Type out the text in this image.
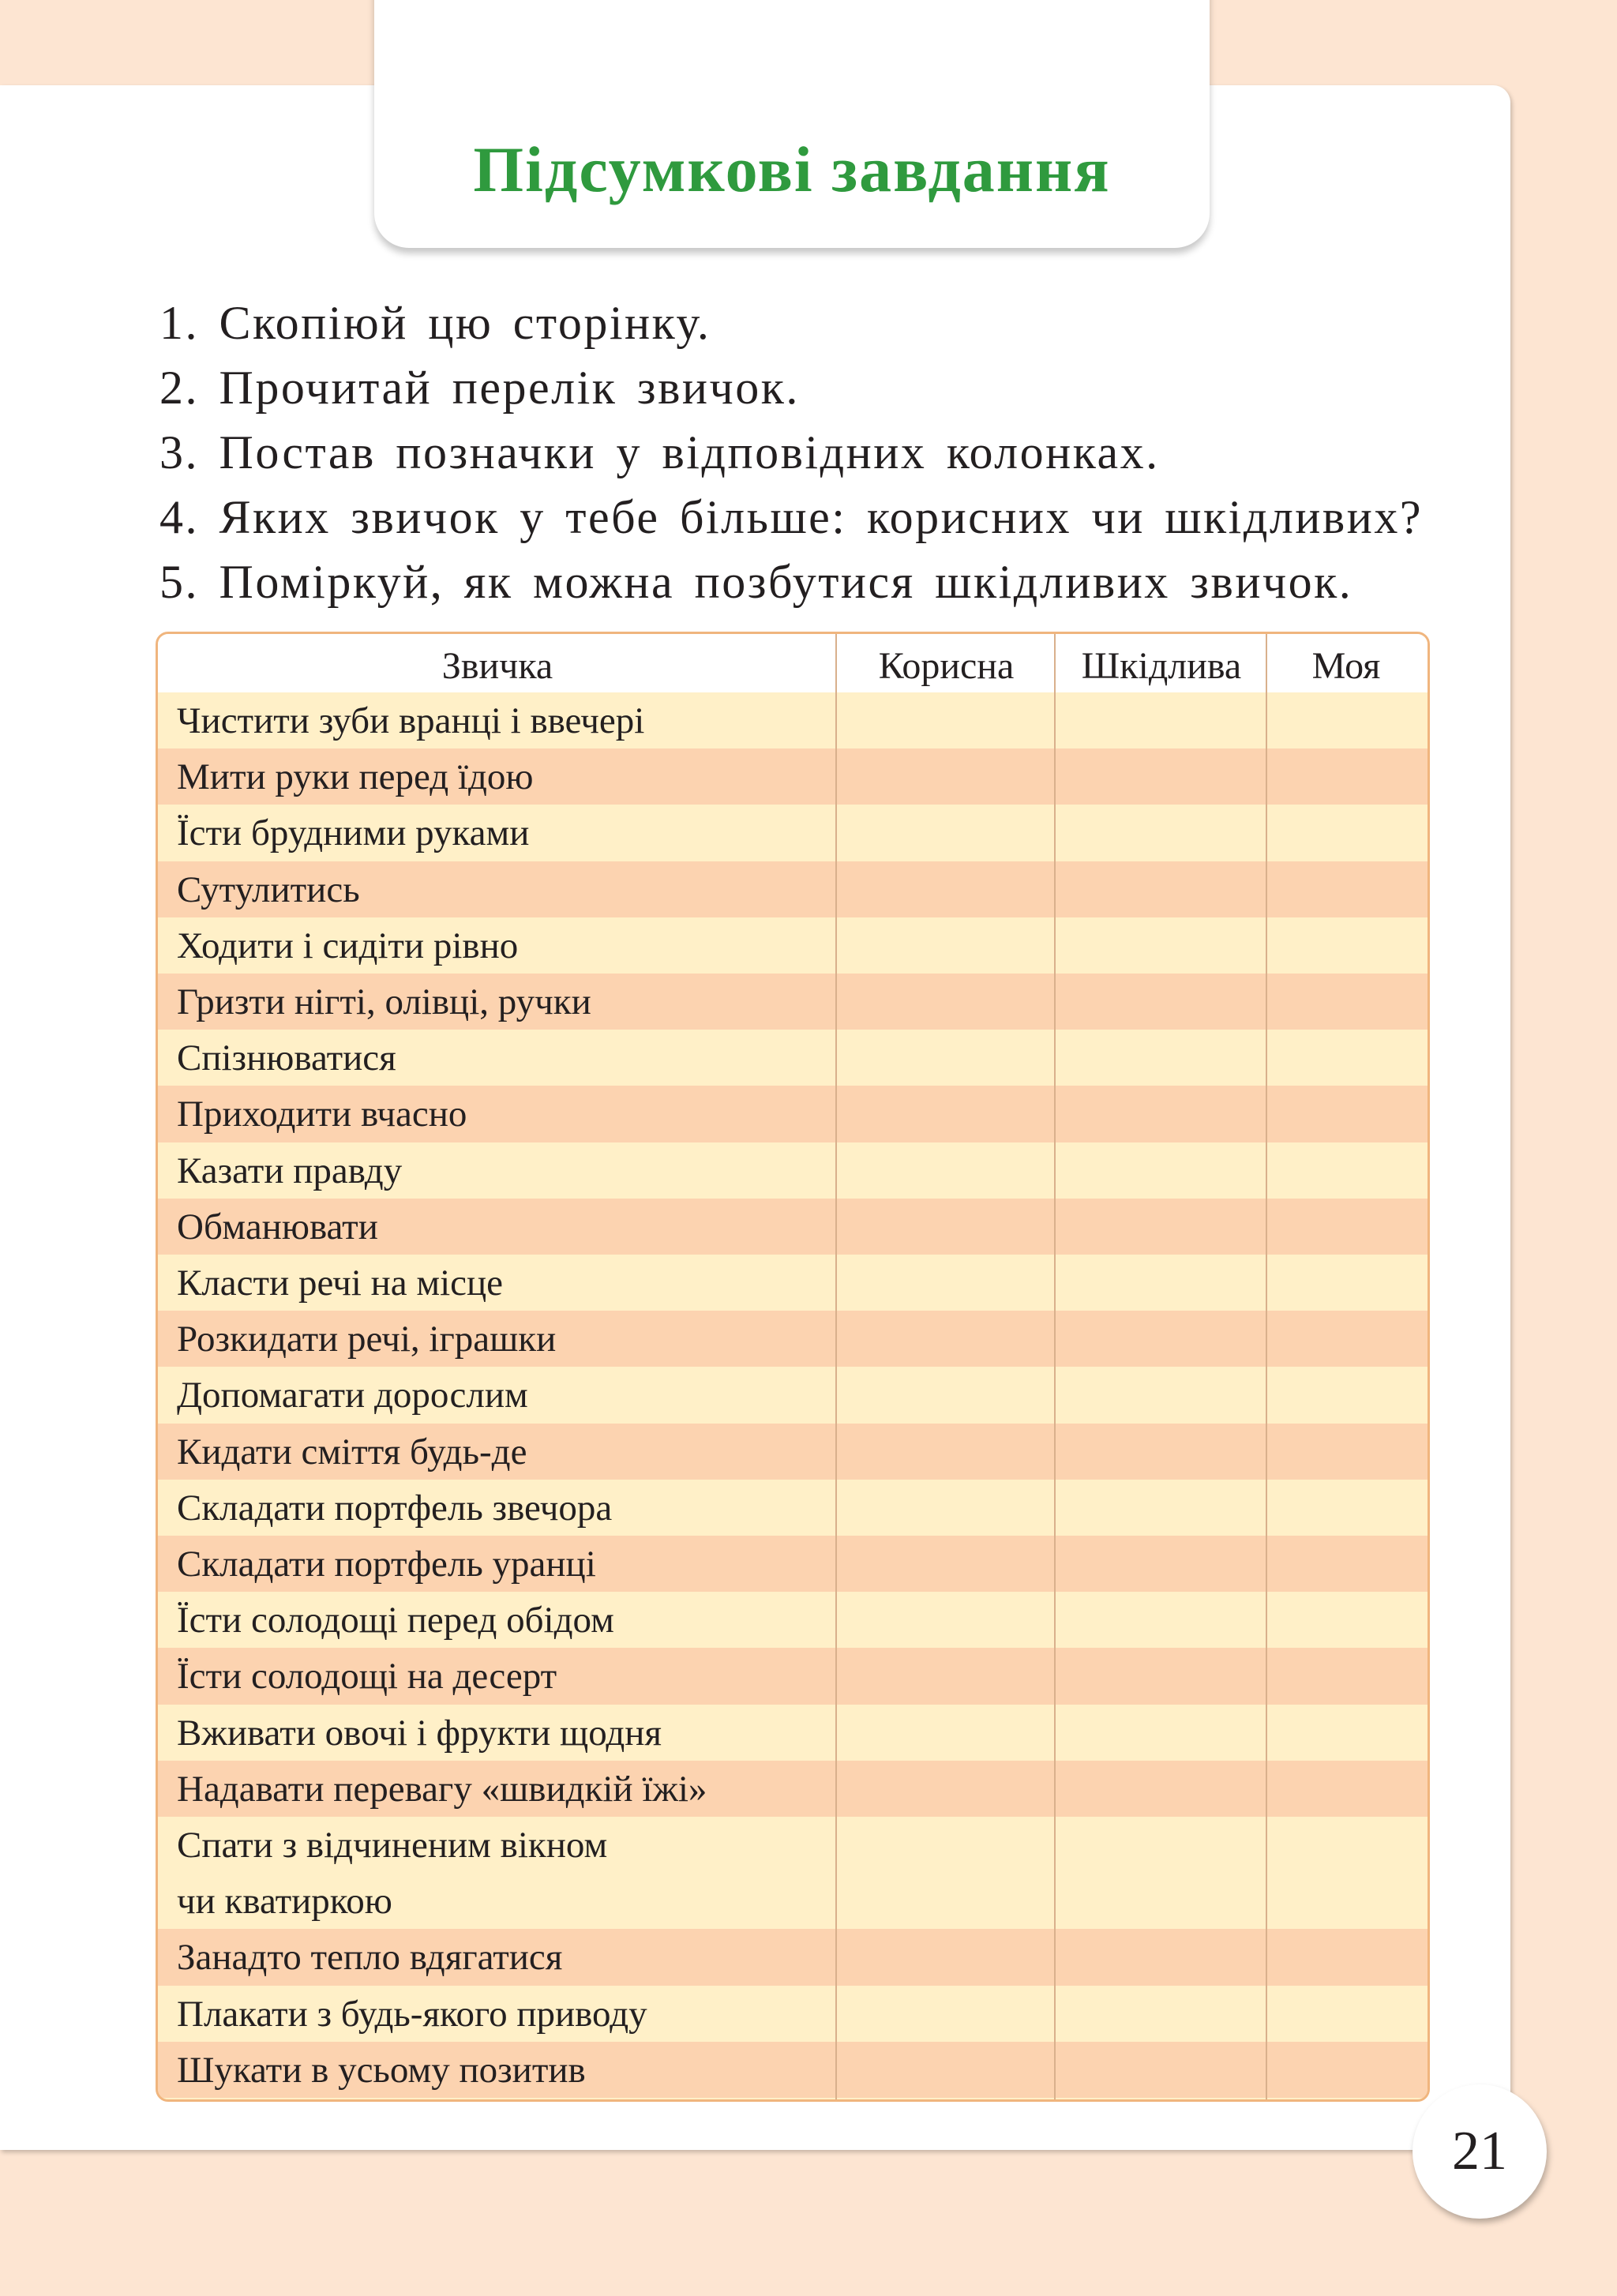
Підсумкові завдання
1. Скопіюй цю сторінку.
2. Прочитай перелік звичок.
3. Постав позначки у відповідних колонках.
4. Яких звичок у тебе більше: корисних чи шкідливих?
5. Поміркуй, як можна позбутися шкідливих звичок.
Звичка	Корисна	Шкідлива	Моя
Чистити зуби вранці і ввечері
Мити руки перед їдою
Їсти брудними руками
Сутулитись
Ходити і сидіти рівно
Гризти нігті, олівці, ручки
Спізнюватися
Приходити вчасно
Казати правду
Обманювати
Класти речі на місце
Розкидати речі, іграшки
Допомагати дорослим
Кидати сміття будь-де
Складати портфель звечора
Складати портфель уранці
Їсти солодощі перед обідом
Їсти солодощі на десерт
Вживати овочі і фрукти щодня
Надавати перевагу «швидкій їжі»
Спати з відчиненим вікном
чи кватиркою
Занадто тепло вдягатися
Плакати з будь-якого приводу
Шукати в усьому позитив
21
